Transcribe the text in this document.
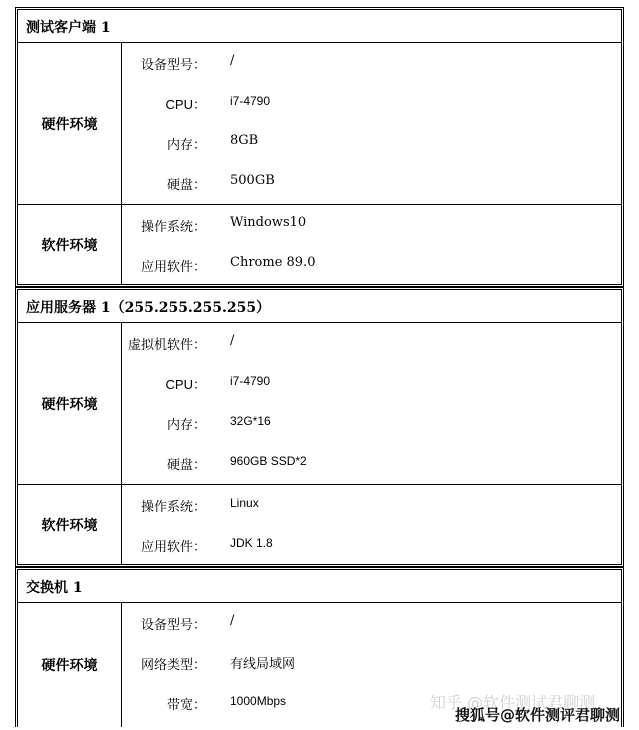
测试客户端 1
硬件环境
设备型号： /
CPU： i7-4790
内存： 8GB
硬盘： 500GB
软件环境
操作系统： Windows10
应用软件： Chrome 89.0
应用服务器 1（255.255.255.255）
硬件环境
虚拟机软件： /
CPU： i7-4790
内存： 32G*16
硬盘： 960GB SSD*2
软件环境
操作系统： Linux
应用软件： JDK 1.8
交换机 1
硬件环境
设备型号： /
网络类型： 有线局域网
带宽： 1000Mbps	知乎 @软件测试君聊测
搜狐号@软件测评君聊测
